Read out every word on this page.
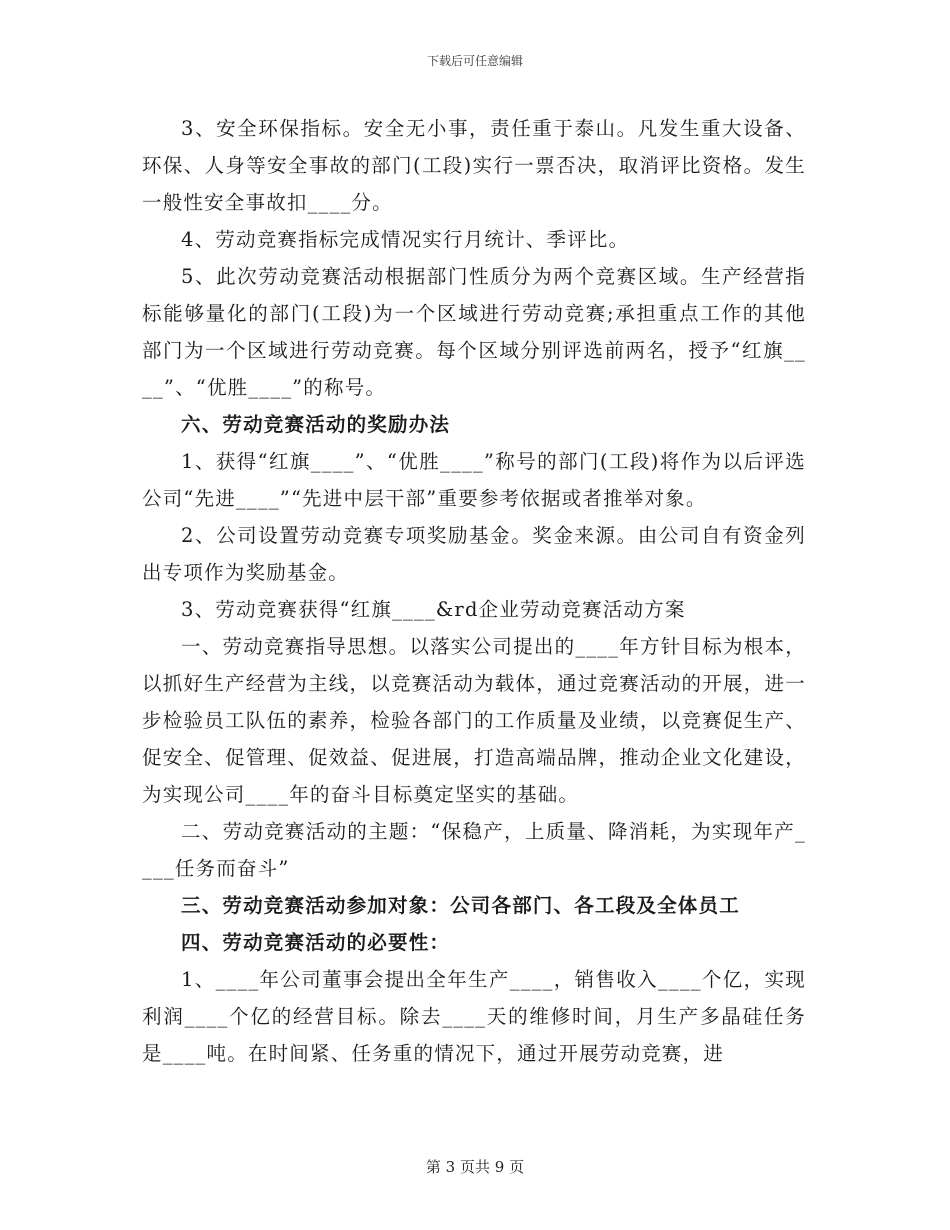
下载后可任意编辑

3、安全环保指标。安全无小事，责任重于泰山。凡发生重大设备、环保、人身等安全事故的部门(工段)实行一票否决，取消评比资格。发生一般性安全事故扣____分。

4、劳动竞赛指标完成情况实行月统计、季评比。

5、此次劳动竞赛活动根据部门性质分为两个竞赛区域。生产经营指标能够量化的部门(工段)为一个区域进行劳动竞赛;承担重点工作的其他部门为一个区域进行劳动竞赛。每个区域分别评选前两名，授予“红旗____”、“优胜____”的称号。

六、劳动竞赛活动的奖励办法

1、获得“红旗____”、“优胜____”称号的部门(工段)将作为以后评选公司“先进____”“先进中层干部”重要参考依据或者推举对象。

2、公司设置劳动竞赛专项奖励基金。奖金来源。由公司自有资金列出专项作为奖励基金。

3、劳动竞赛获得“红旗____&rd企业劳动竞赛活动方案

一、劳动竞赛指导思想。以落实公司提出的____年方针目标为根本，以抓好生产经营为主线，以竞赛活动为载体，通过竞赛活动的开展，进一步检验员工队伍的素养，检验各部门的工作质量及业绩，以竞赛促生产、促安全、促管理、促效益、促进展，打造高端品牌，推动企业文化建设，为实现公司____年的奋斗目标奠定坚实的基础。

二、劳动竞赛活动的主题：“保稳产，上质量、降消耗，为实现年产____任务而奋斗”

三、劳动竞赛活动参加对象：公司各部门、各工段及全体员工

四、劳动竞赛活动的必要性：

1、____年公司董事会提出全年生产____，销售收入____个亿，实现利润____个亿的经营目标。除去____天的维修时间，月生产多晶硅任务是____吨。在时间紧、任务重的情况下，通过开展劳动竞赛，进

第 3 页共 9 页
